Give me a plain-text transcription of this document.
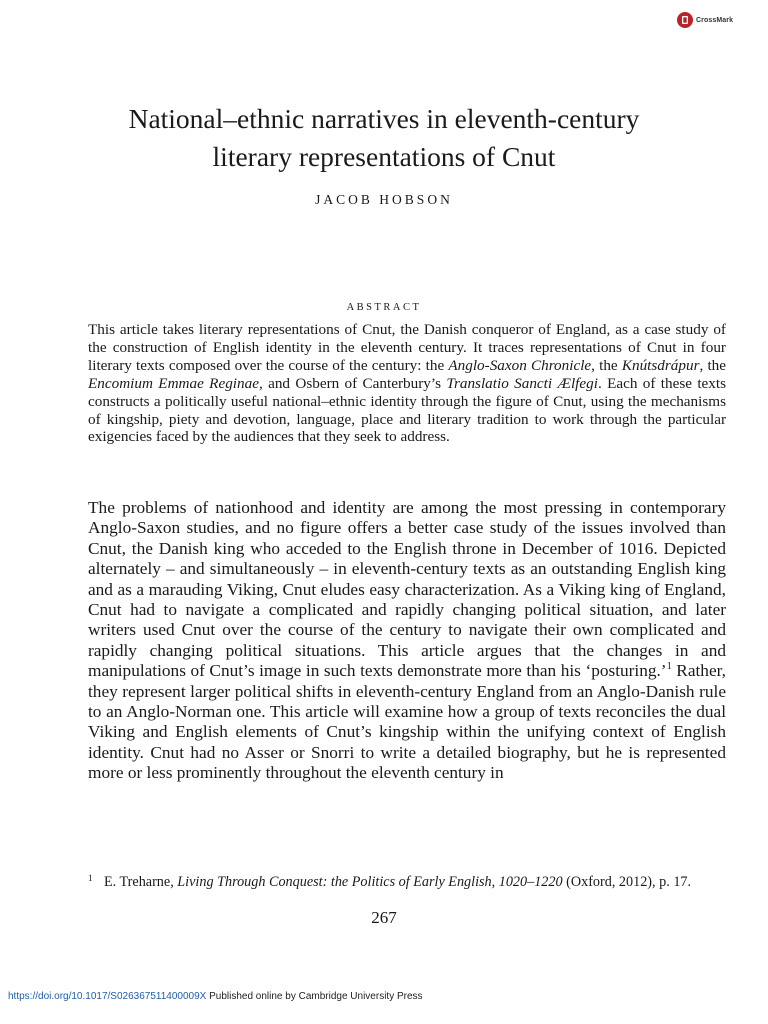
CrossMark
National–ethnic narratives in eleventh-century
literary representations of Cnut

JACOB HOBSON

ABSTRACT

This article takes literary representations of Cnut, the Danish conqueror of England, as a case study of the construction of English identity in the eleventh century. It traces representations of Cnut in four literary texts composed over the course of the century: the Anglo-Saxon Chronicle, the Knútsdrápur, the Encomium Emmae Reginae, and Osbern of Canterbury’s Translatio Sancti Ælfegi. Each of these texts constructs a politically useful national–ethnic identity through the figure of Cnut, using the mechanisms of kingship, piety and devotion, language, place and literary tradition to work through the particular exigencies faced by the audiences that they seek to address.

The problems of nationhood and identity are among the most pressing in contemporary Anglo-Saxon studies, and no figure offers a better case study of the issues involved than Cnut, the Danish king who acceded to the English throne in December of 1016. Depicted alternately – and simultaneously – in eleventh-century texts as an outstanding English king and as a marauding Viking, Cnut eludes easy characterization. As a Viking king of England, Cnut had to navigate a complicated and rapidly changing political situation, and later writers used Cnut over the course of the century to navigate their own complicated and rapidly changing political situations. This article argues that the changes in and manipulations of Cnut’s image in such texts demonstrate more than his ‘posturing.’$^1$ Rather, they represent larger political shifts in eleventh-century England from an Anglo-Danish rule to an Anglo-Norman one. This article will examine how a group of texts reconciles the dual Viking and English elements of Cnut’s kingship within the unifying context of English identity. Cnut had no Asser or Snorri to write a detailed biography, but he is represented more or less prominently throughout the eleventh century in

1 E. Treharne, Living Through Conquest: the Politics of Early English, 1020–1220 (Oxford, 2012), p. 17.

267

https://doi.org/10.1017/S026367511400009X Published online by Cambridge University Press
